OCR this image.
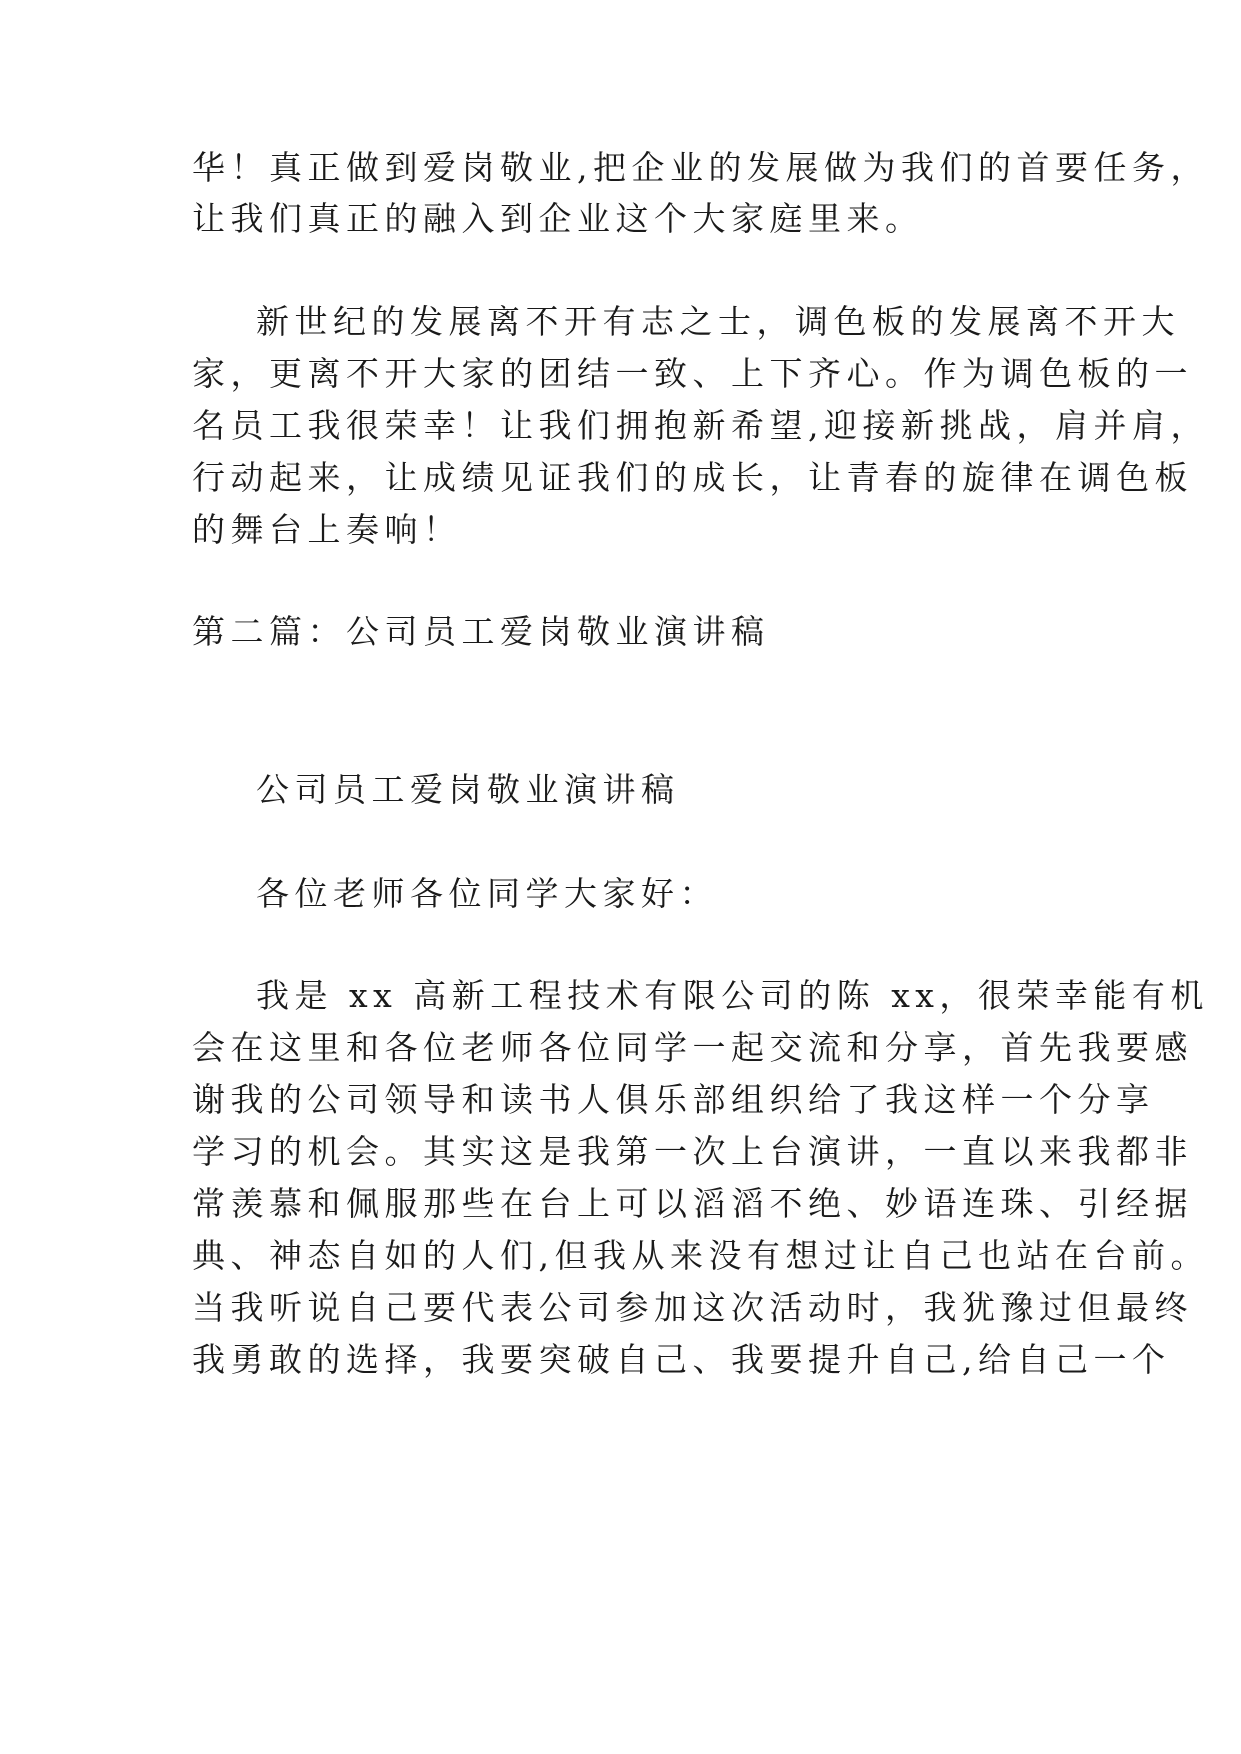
华！真正做到爱岗敬业,把企业的发展做为我们的首要任务，
让我们真正的融入到企业这个大家庭里来。
新世纪的发展离不开有志之士，调色板的发展离不开大
家，更离不开大家的团结一致、上下齐心。作为调色板的一
名员工我很荣幸！让我们拥抱新希望,迎接新挑战，肩并肩，
行动起来，让成绩见证我们的成长，让青春的旋律在调色板
的舞台上奏响！
第二篇：公司员工爱岗敬业演讲稿
公司员工爱岗敬业演讲稿
各位老师各位同学大家好：
我是 xx 高新工程技术有限公司的陈 xx，很荣幸能有机
会在这里和各位老师各位同学一起交流和分享，首先我要感
谢我的公司领导和读书人俱乐部组织给了我这样一个分享
学习的机会。其实这是我第一次上台演讲，一直以来我都非
常羡慕和佩服那些在台上可以滔滔不绝、妙语连珠、引经据
典、神态自如的人们,但我从来没有想过让自己也站在台前。
当我听说自己要代表公司参加这次活动时，我犹豫过但最终
我勇敢的选择，我要突破自己、我要提升自己,给自己一个
